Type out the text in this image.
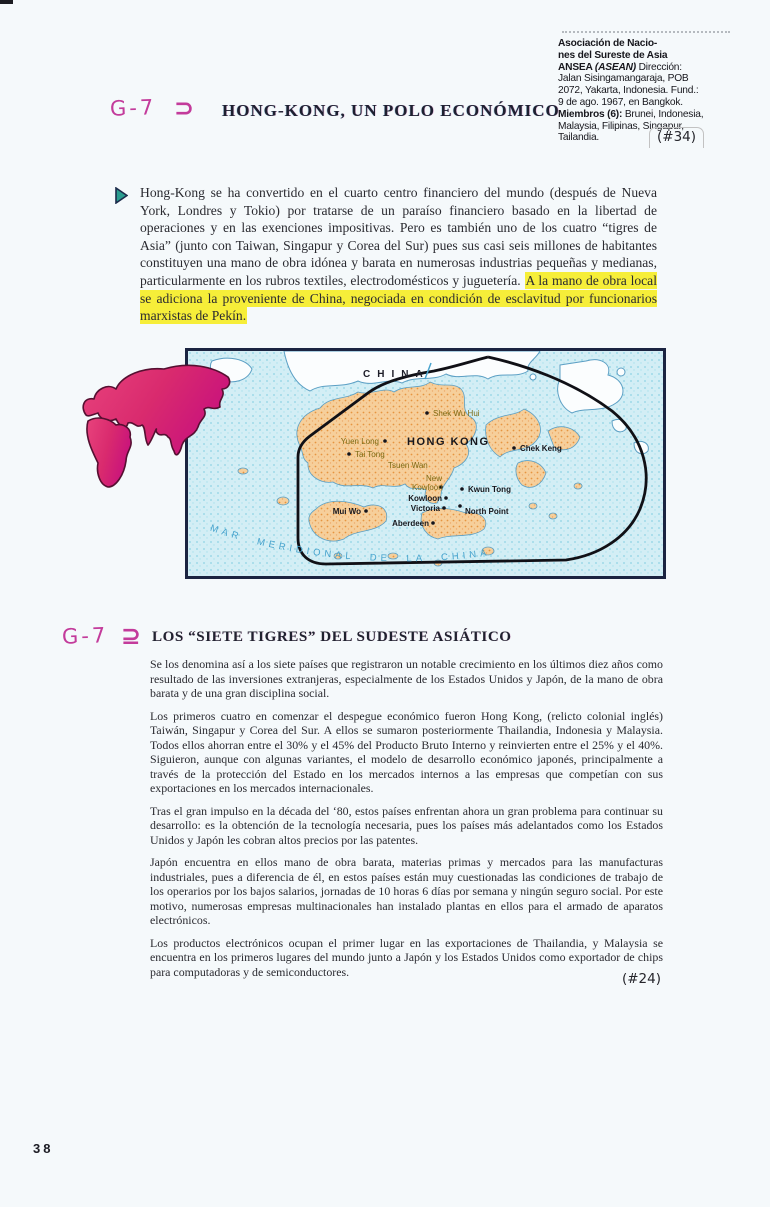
Asociación de Nacio-
nes del Sureste de Asia
ANSEA (ASEAN) Dirección:
Jalan Sisingamangaraja, POB
2072, Yakarta, Indonesia. Fund.:
9 de ago. 1967, en Bangkok.
Miembros (6): Brunei, Indonesia,
Malaysia, Filipinas, Singapur,
Tailandia.	(#34)
G-7 ⊃ HONG-KONG, UN POLO ECONÓMICO
Hong-Kong se ha convertido en el cuarto centro financiero del mundo (después de Nueva York, Londres y Tokio) por tratarse de un paraíso financiero basado en la libertad de operaciones y en las exenciones impositivas. Pero es también uno de los cuatro “tigres de Asia” (junto con Taiwan, Singapur y Corea del Sur) pues sus casi seis millones de habitantes constituyen una mano de obra idónea y barata en numerosas industrias pequeñas y medianas, particularmente en los rubros textiles, electrodomésticos y juguetería. A la mano de obra local se adiciona la proveniente de China, negociada en condición de esclavitud por funcionarios marxistas de Pekín.
CHINA
MAR MERIDIONAL DE LA CHINA
Shek Wu Hui
Yuen Long	HONG KONG
Tai Tong
Chek Keng
Tsuen Wan
New
Kowloon	Kwun Tong
Kowloon
Victoria	North Point
Mui Wo
Aberdeen
G-7 ⊇ LOS “SIETE TIGRES” DEL SUDESTE ASIÁTICO

Se los denomina así a los siete países que registraron un notable crecimiento en los últimos diez años como resultado de las inversiones extranjeras, especialmente de los Estados Unidos y Japón, de la mano de obra barata y de una gran disciplina social.

Los primeros cuatro en comenzar el despegue económico fueron Hong Kong, (relicto colonial inglés) Taiwán, Singapur y Corea del Sur. A ellos se sumaron posteriormente Thailandia, Indonesia y Malaysia. Todos ellos ahorran entre el 30% y el 45% del Producto Bruto Interno y reinvierten entre el 25% y el 40%. Siguieron, aunque con algunas variantes, el modelo de desarrollo económico japonés, principalmente a través de la protección del Estado en los mercados internos a las empresas que competían con sus exportaciones en los mercados internacionales.

Tras el gran impulso en la década del ‘80, estos países enfrentan ahora un gran problema para continuar su desarrollo: es la obtención de la tecnología necesaria, pues los países más adelantados como los Estados Unidos y Japón les cobran altos precios por las patentes.

Japón encuentra en ellos mano de obra barata, materias primas y mercados para las manufacturas industriales, pues a diferencia de él, en estos países están muy cuestionadas las condiciones de trabajo de los operarios por los bajos salarios, jornadas de 10 horas 6 días por semana y ningún seguro social. Por este motivo, numerosas empresas multinacionales han instalado plantas en ellos para el armado de aparatos electrónicos.

Los productos electrónicos ocupan el primer lugar en las exportaciones de Thailandia, y Malaysia se encuentra en los primeros lugares del mundo junto a Japón y los Estados Unidos como exportador de chips para computadoras y de semiconductores.	(#24)
38
